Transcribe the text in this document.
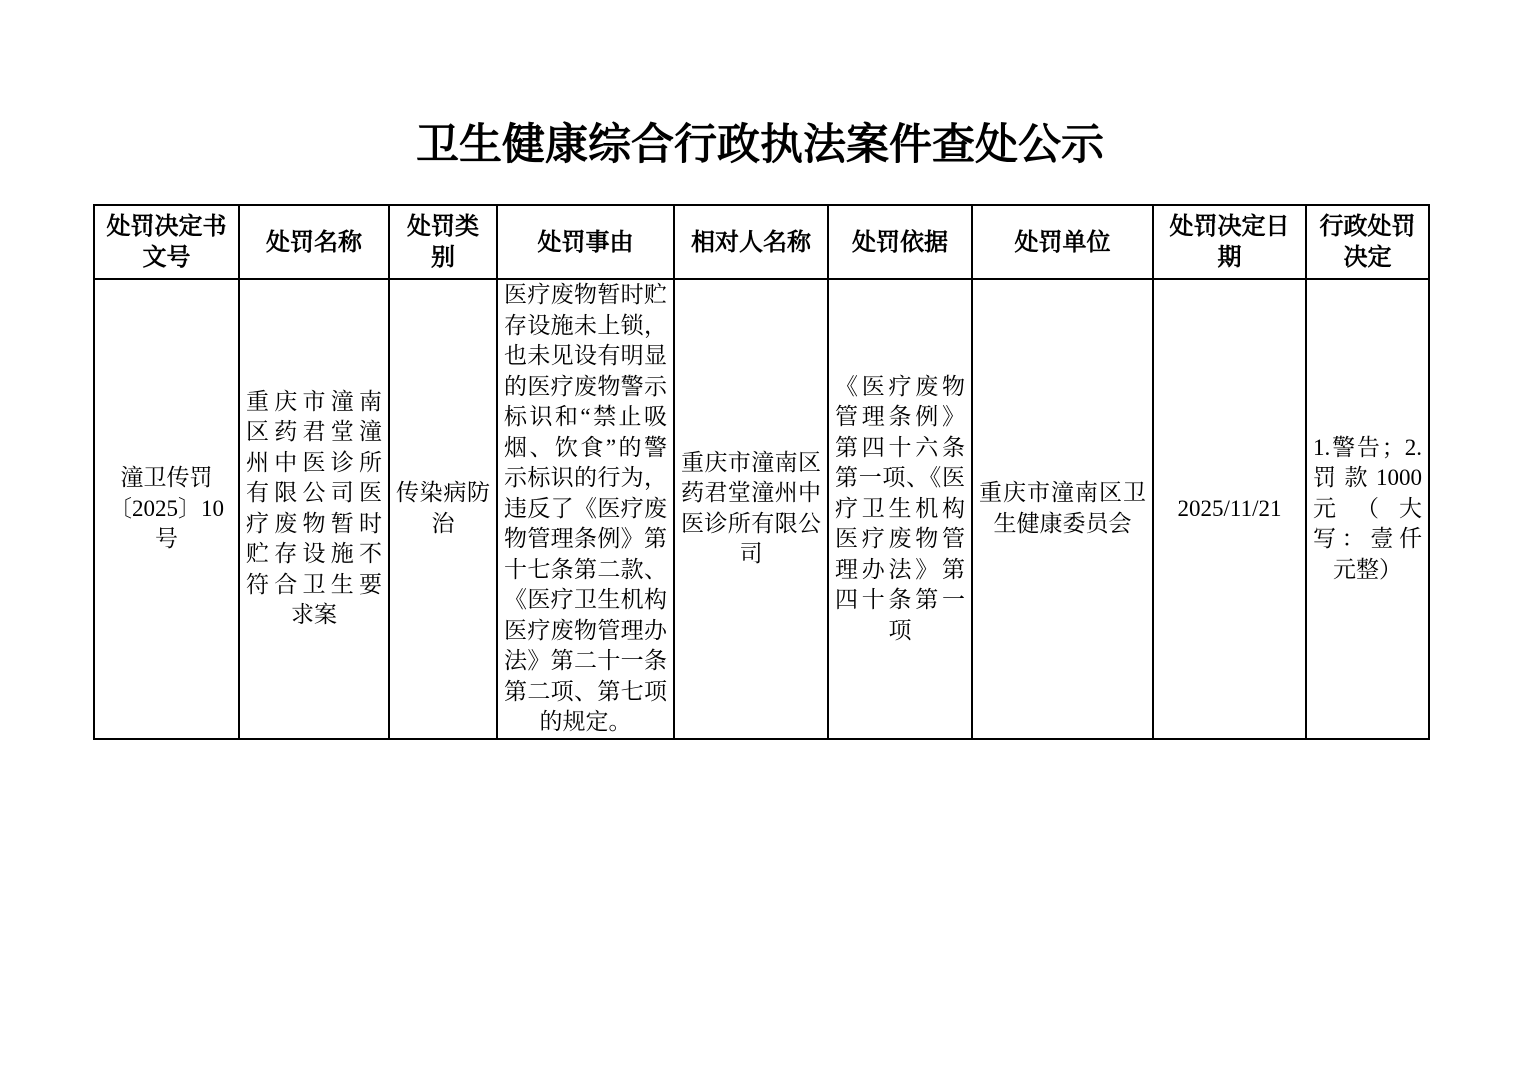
卫生健康综合行政执法案件查处公示
处罚决定书文号	处罚名称	处罚类别	处罚事由	相对人名称	处罚依据	处罚单位	处罚决定日期	行政处罚决定
潼卫传罚〔2025〕10号	重庆市潼南区药君堂潼州中医诊所有限公司医疗废物暂时贮存设施不符合卫生要求案	传染病防治	医疗废物暂时贮存设施未上锁，也未见设有明显的医疗废物警示标识和“禁止吸烟、饮食”的警示标识的行为，违反了《医疗废物管理条例》第十七条第二款、《医疗卫生机构医疗废物管理办法》第二十一条第二项、第七项的规定。	重庆市潼南区药君堂潼州中医诊所有限公司	《医疗废物管理条例》第四十六条第一项、《医疗卫生机构医疗废物管理办法》第四十条第一项	重庆市潼南区卫生健康委员会	2025/11/21	1.警告；2.罚款1000元（大写：壹仟元整）
